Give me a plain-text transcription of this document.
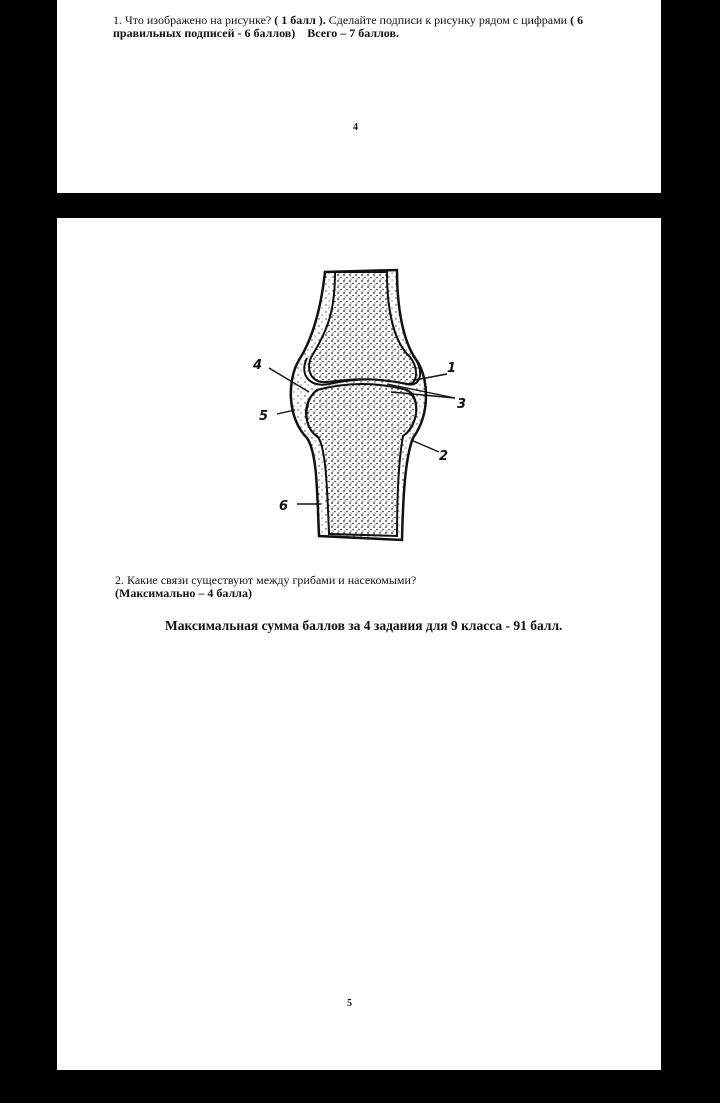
1. Что изображено на рисунке? ( 1 балл ). Сделайте подписи к рисунку рядом с цифрами ( 6 правильных подписей - 6 баллов) Всего – 7 баллов.
4
1
2
3
4
5
6
2. Какие связи существуют между грибами и насекомыми?
(Максимально – 4 балла)
Максимальная сумма баллов за 4 задания для 9 класса - 91 балл.
5
